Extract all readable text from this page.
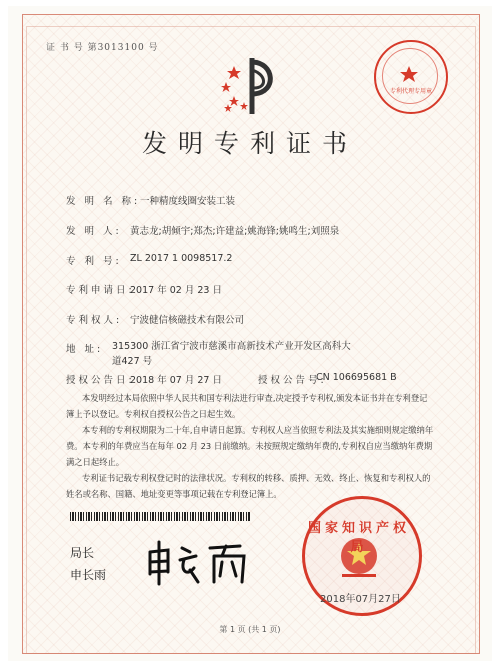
证 书 号 第3013100 号
专利代理专用章
发明专利证书
发 明 名 称: 一种精度线圈安装工装
发 明 人: 黄志龙;胡倾宇;郑杰;许建益;姚海锋;姚鸣生;刘照泉
专 利 号: ZL 2017 1 0098517.2
专利申请日:
2017 年 02 月 23 日
专利权人: 宁波健信核磁技术有限公司
地 址: 315300 浙江省宁波市慈溪市高新技术产业开发区高科大
道427 号
授权公告日:
2018 年 07 月 27 日	授权公告号:
CN 106695681 B
本发明经过本局依照中华人民共和国专利法进行审查,决定授予专利权,颁发本证书并在专利登记簿上予以登记。专利权自授权公告之日起生效。
本专利的专利权期限为二十年,自申请日起算。专利权人应当依照专利法及其实施细则规定缴纳年费。本专利的年费应当在每年 02 月 23 日前缴纳。未按照规定缴纳年费的,专利权自应当缴纳年费期满之日起终止。
专利证书记载专利权登记时的法律状况。专利权的转移、质押、无效、终止、恢复和专利权人的姓名或名称、国籍、地址变更等事项记载在专利登记簿上。
局长
申长雨
国家知识产权局
2018年07月27日
第 1 页 (共 1 页)
